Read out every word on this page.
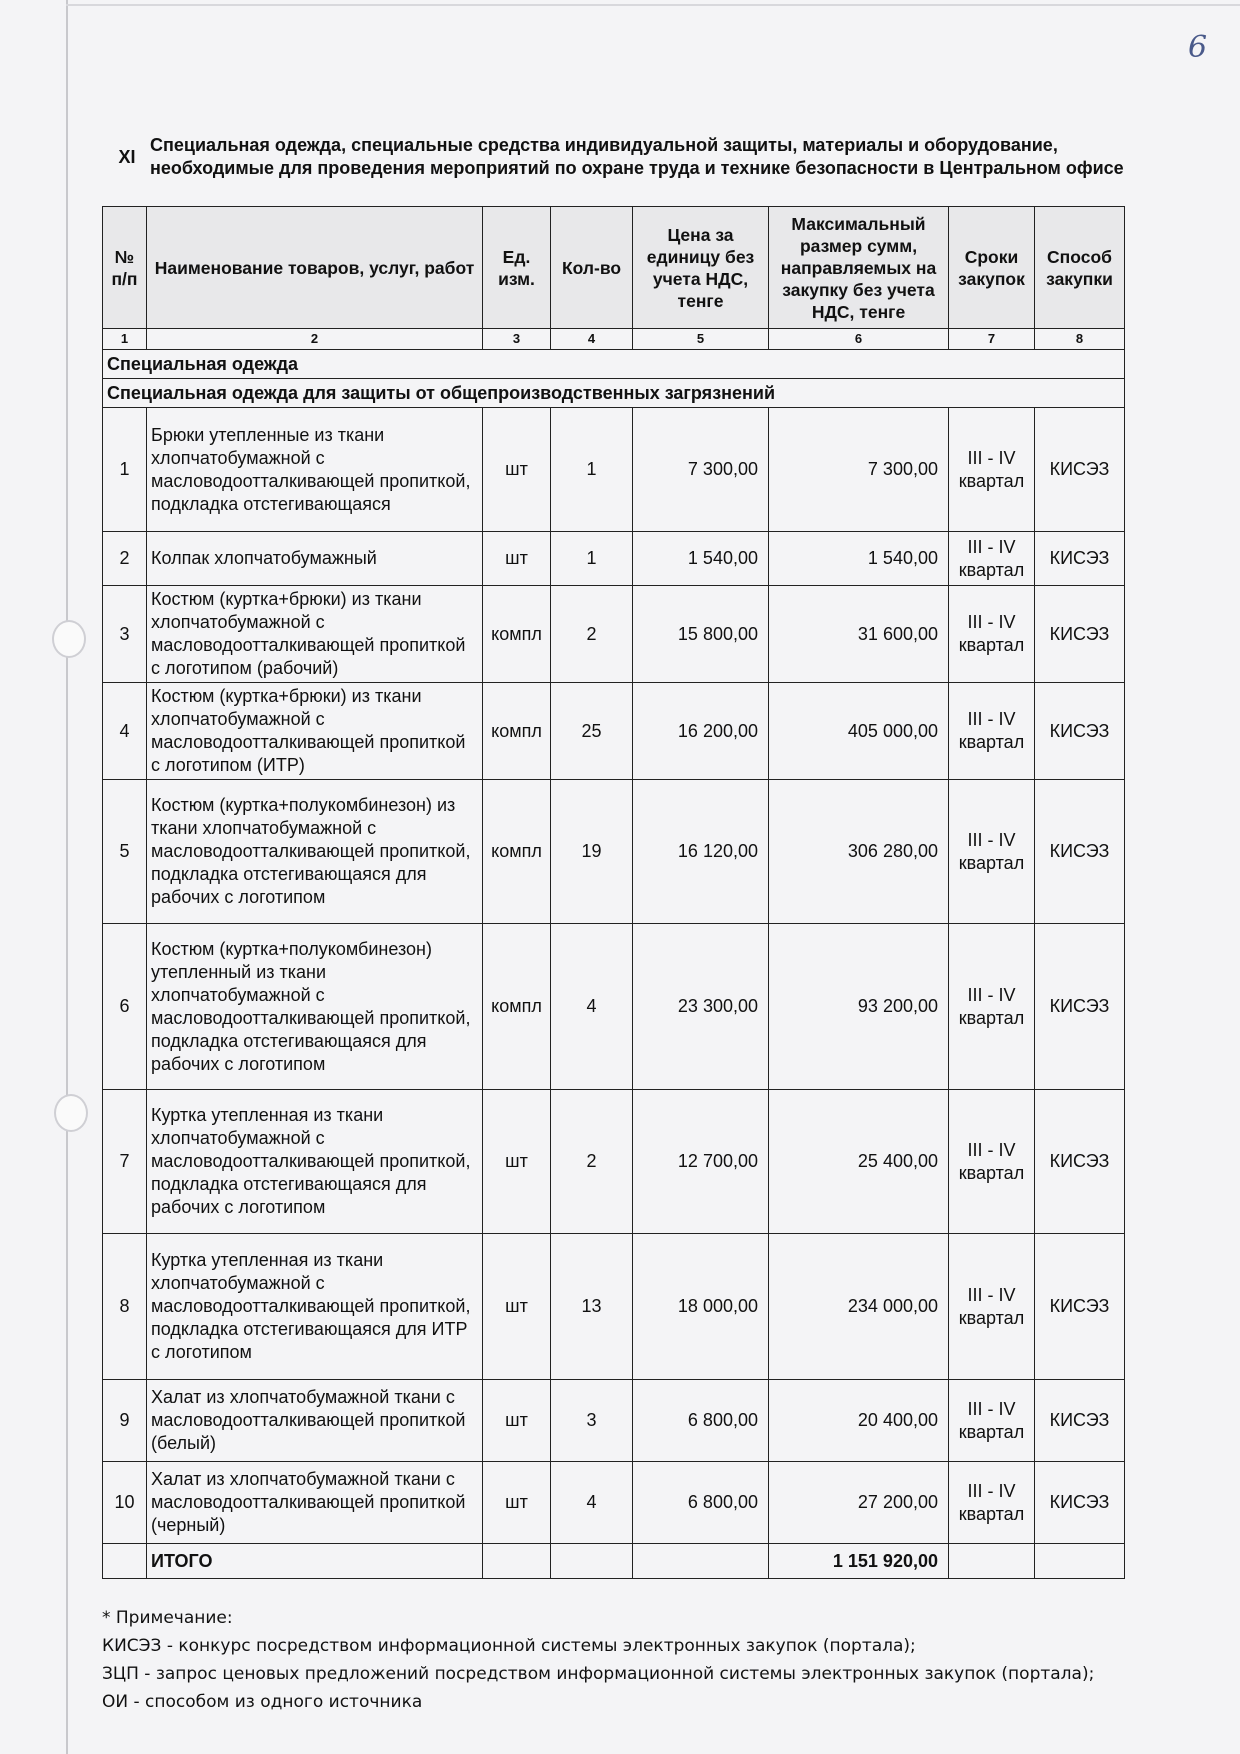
6
XI
Специальная одежда, специальные средства индивидуальной защиты, материалы и оборудование, необходимые для проведения мероприятий по охране труда и технике безопасности в Центральном офисе
№ п/п	Наименование товаров, услуг, работ	Ед. изм.	Кол-во	Цена за единицу без учета НДС, тенге	Максимальный размер сумм, направляемых на закупку без учета НДС, тенге	Сроки закупок	Способ закупки
1	2	3	4	5	6	7	8
Специальная одежда							
Специальная одежда для защиты от общепроизводственных загрязнений							
1	Брюки утепленные из ткани хлопчатобумажной с масловодоотталкивающей пропиткой, подкладка отстегивающаяся	шт	1	7 300,00	7 300,00	III - IV квартал	КИСЭЗ
2	Колпак хлопчатобумажный	шт	1	1 540,00	1 540,00	III - IV квартал	КИСЭЗ
3	Костюм (куртка+брюки) из ткани хлопчатобумажной с масловодоотталкивающей пропиткой с логотипом (рабочий)	компл	2	15 800,00	31 600,00	III - IV квартал	КИСЭЗ
4	Костюм (куртка+брюки) из ткани хлопчатобумажной с масловодоотталкивающей пропиткой с логотипом (ИТР)	компл	25	16 200,00	405 000,00	III - IV квартал	КИСЭЗ
5	Костюм (куртка+полукомбинезон) из ткани хлопчатобумажной с масловодоотталкивающей пропиткой, подкладка отстегивающаяся для рабочих с логотипом	компл	19	16 120,00	306 280,00	III - IV квартал	КИСЭЗ
6	Костюм (куртка+полукомбинезон) утепленный из ткани хлопчатобумажной с масловодоотталкивающей пропиткой, подкладка отстегивающаяся для рабочих с логотипом	компл	4	23 300,00	93 200,00	III - IV квартал	КИСЭЗ
7	Куртка утепленная из ткани хлопчатобумажной с масловодоотталкивающей пропиткой, подкладка отстегивающаяся для рабочих с логотипом	шт	2	12 700,00	25 400,00	III - IV квартал	КИСЭЗ
8	Куртка утепленная из ткани хлопчатобумажной с масловодоотталкивающей пропиткой, подкладка отстегивающаяся для ИТР с логотипом	шт	13	18 000,00	234 000,00	III - IV квартал	КИСЭЗ
9	Халат из хлопчатобумажной ткани с масловодоотталкивающей пропиткой (белый)	шт	3	6 800,00	20 400,00	III - IV квартал	КИСЭЗ
10	Халат из хлопчатобумажной ткани с масловодоотталкивающей пропиткой (черный)	шт	4	6 800,00	27 200,00	III - IV квартал	КИСЭЗ
	ИТОГО				1 151 920,00		
* Примечание:
КИСЭЗ - конкурс посредством информационной системы электронных закупок (портала);
ЗЦП - запрос ценовых предложений посредством информационной системы электронных закупок (портала);
ОИ - способом из одного источника
